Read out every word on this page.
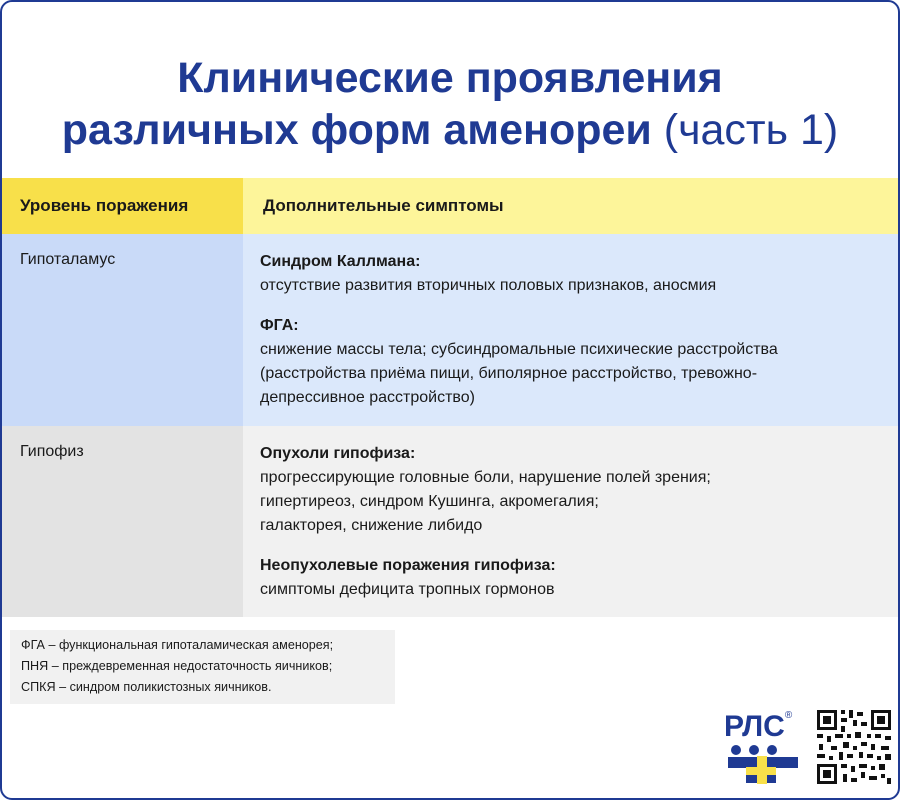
Клинические проявления
различных форм аменореи (часть 1)
Уровень поражения	Дополнительные симптомы
Гипоталамус	Синдром Каллмана:
отсутствие развития вторичных половых признаков, аносмия
ФГА:
снижение массы тела; субсиндромальные психические расстройства
(расстройства приёма пищи, биполярное расстройство, тревожно-
депрессивное расстройство)
Гипофиз	Опухоли гипофиза:
прогрессирующие головные боли, нарушение полей зрения;
гипертиреоз, синдром Кушинга, акромегалия;
галакторея, снижение либидо
Неопухолевые поражения гипофиза:
симптомы дефицита тропных гормонов
ФГА – функциональная гипоталамическая аменорея;
ПНЯ – преждевременная недостаточность яичников;
СПКЯ – синдром поликистозных яичников.
РЛС®
